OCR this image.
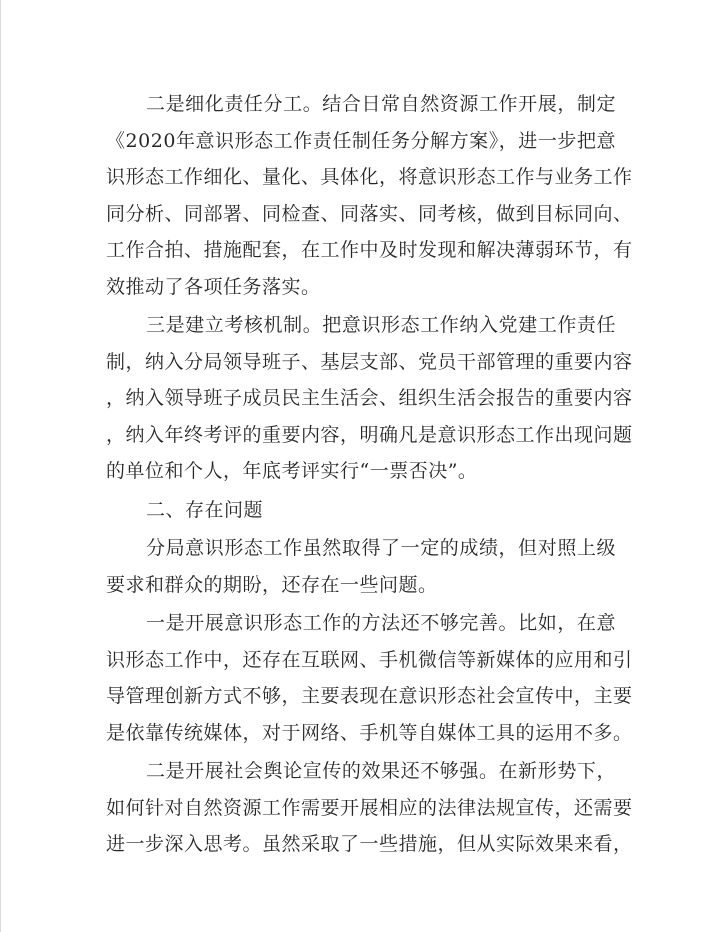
二是细化责任分工。结合日常自然资源工作开展，制定
《2020年意识形态工作责任制任务分解方案》，进一步把意
识形态工作细化、量化、具体化，将意识形态工作与业务工作
同分析、同部署、同检查、同落实、同考核，做到目标同向、
工作合拍、措施配套，在工作中及时发现和解决薄弱环节，有
效推动了各项任务落实。
三是建立考核机制。把意识形态工作纳入党建工作责任
制，纳入分局领导班子、基层支部、党员干部管理的重要内容
，纳入领导班子成员民主生活会、组织生活会报告的重要内容
，纳入年终考评的重要内容，明确凡是意识形态工作出现问题
的单位和个人，年底考评实行“一票否决”。
二、存在问题
分局意识形态工作虽然取得了一定的成绩，但对照上级
要求和群众的期盼，还存在一些问题。
一是开展意识形态工作的方法还不够完善。比如，在意
识形态工作中，还存在互联网、手机微信等新媒体的应用和引
导管理创新方式不够，主要表现在意识形态社会宣传中，主要
是依靠传统媒体，对于网络、手机等自媒体工具的运用不多。
二是开展社会舆论宣传的效果还不够强。在新形势下，
如何针对自然资源工作需要开展相应的法律法规宣传，还需要
进一步深入思考。虽然采取了一些措施，但从实际效果来看，
